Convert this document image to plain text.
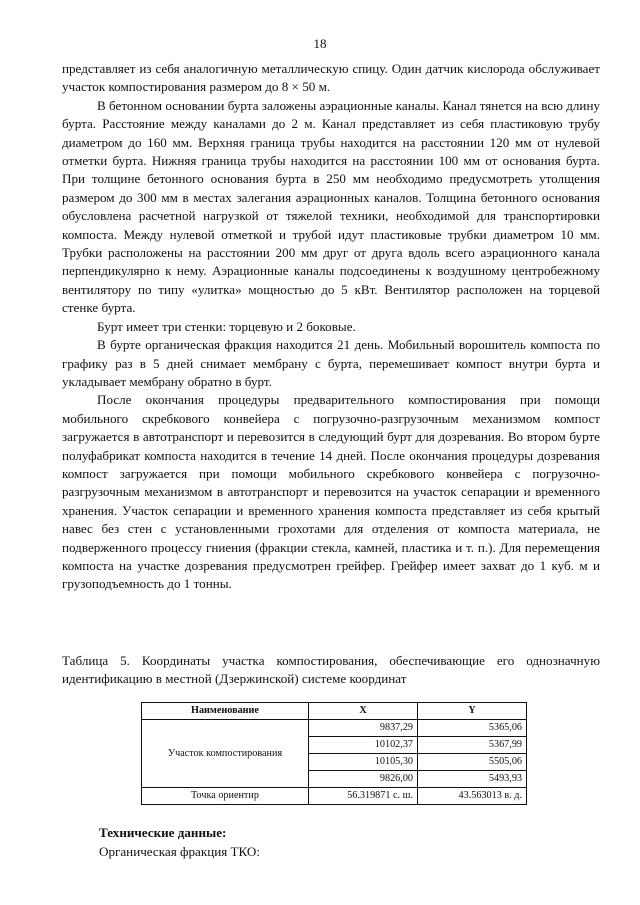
18

представляет из себя аналогичную металлическую спицу. Один датчик кислорода обслуживает участок компостирования размером до 8 × 50 м.

В бетонном основании бурта заложены аэрационные каналы. Канал тянется на всю длину бурта. Расстояние между каналами до 2 м. Канал представляет из себя пластиковую трубу диаметром до 160 мм. Верхняя граница трубы находится на расстоянии 120 мм от нулевой отметки бурта. Нижняя граница трубы находится на расстоянии 100 мм от основания бурта. При толщине бетонного основания бурта в 250 мм необходимо предусмотреть утолщения размером до 300 мм в местах залегания аэрационных каналов. Толщина бетонного основания обусловлена расчетной нагрузкой от тяжелой техники, необходимой для транспортировки компоста. Между нулевой отметкой и трубой идут пластиковые трубки диаметром 10 мм. Трубки расположены на расстоянии 200 мм друг от друга вдоль всего аэрационного канала перпендикулярно к нему. Аэрационные каналы подсоединены к воздушному центробежному вентилятору по типу «улитка» мощностью до 5 кВт. Вентилятор расположен на торцевой стенке бурта.

Бурт имеет три стенки: торцевую и 2 боковые.

В бурте органическая фракция находится 21 день. Мобильный ворошитель компоста по графику раз в 5 дней снимает мембрану с бурта, перемешивает компост внутри бурта и укладывает мембрану обратно в бурт.

После окончания процедуры предварительного компостирования при помощи мобильного скребкового конвейера с погрузочно-разгрузочным механизмом компост загружается в автотранспорт и перевозится в следующий бурт для дозревания. Во втором бурте полуфабрикат компоста находится в течение 14 дней. После окончания процедуры дозревания компост загружается при помощи мобильного скребкового конвейера с погрузочно-разгрузочным механизмом в автотранспорт и перевозится на участок сепарации и временного хранения. Участок сепарации и временного хранения компоста представляет из себя крытый навес без стен с установленными грохотами для отделения от компоста материала, не подверженного процессу гниения (фракции стекла, камней, пластика и т. п.). Для перемещения компоста на участке дозревания предусмотрен грейфер. Грейфер имеет захват до 1 куб. м и грузоподъемность до 1 тонны.

Таблица 5. Координаты участка компостирования, обеспечивающие его однозначную идентификацию в местной (Дзержинской) системе координат
Наименование	X	Y
Участок компостирования	9837,29	5365,06
	10102,37	5367,99
	10105,30	5505,06
	9826,00	5493,93
Точка ориентир	56.319871 с. ш.	43.563013 в. д.
Технические данные:
Органическая фракция ТКО:
